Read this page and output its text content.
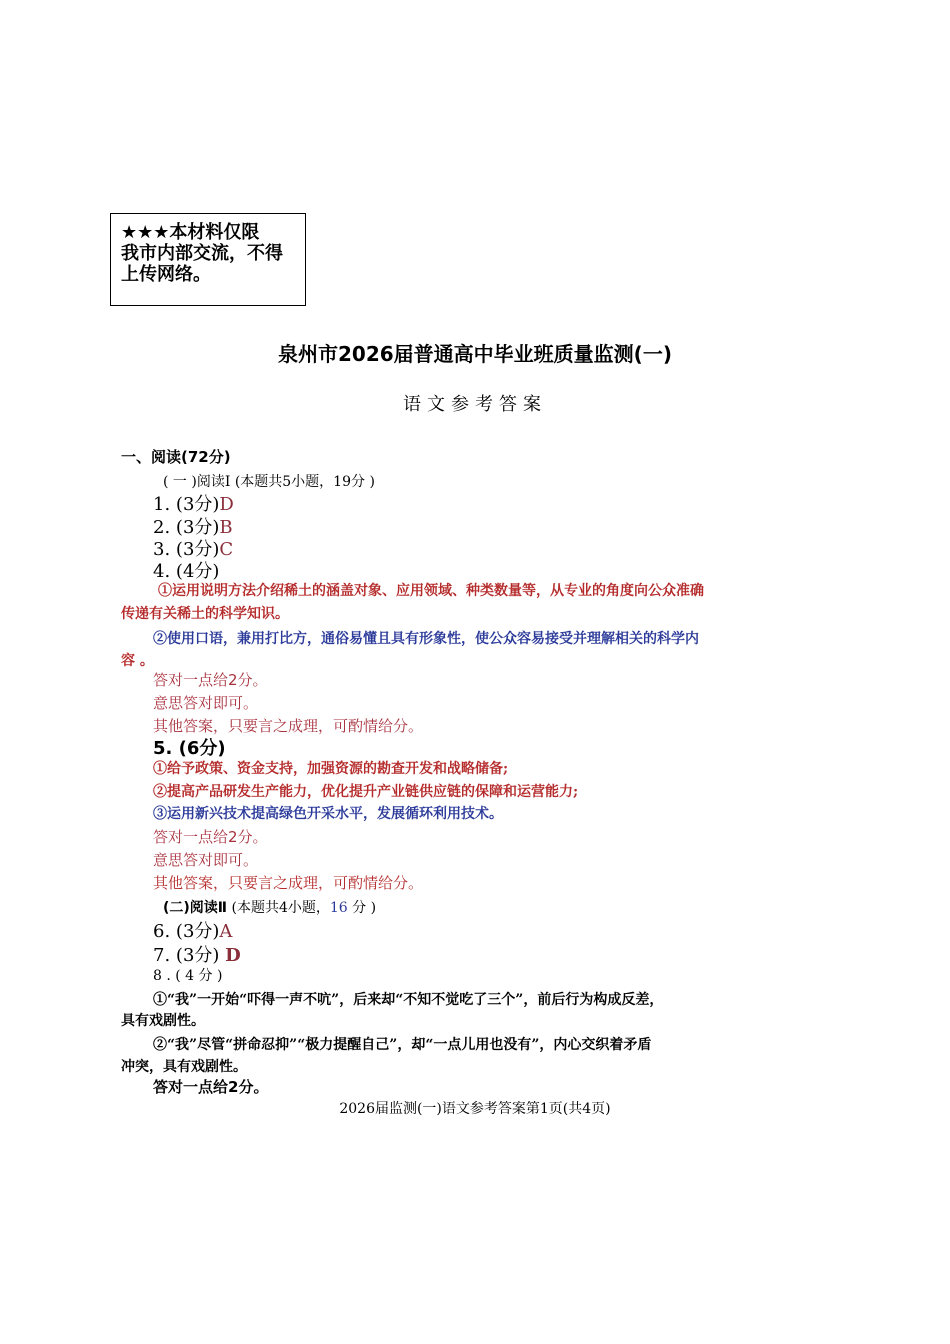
★★★本材料仅限
我市内部交流，不得
上传网络。
泉州市2026届普通高中毕业班质量监测(一)
语文参考答案
一、阅读(72分)
( 一 )阅读Ⅰ (本题共5小题，19分 )
1. (3分)D
2. (3分)B
3. (3分)C
4. (4分)
①运用说明方法介绍稀土的涵盖对象、应用领域、种类数量等，从专业的角度向公众准确
传递有关稀土的科学知识。
②使用口语，兼用打比方，通俗易懂且具有形象性，使公众容易接受并理解相关的科学内
容 。
答对一点给2分。
意思答对即可。
其他答案，只要言之成理，可酌情给分。
5. (6分)
①给予政策、资金支持，加强资源的勘查开发和战略储备;
②提高产品研发生产能力，优化提升产业链供应链的保障和运营能力;
③运用新兴技术提高绿色开采水平，发展循环利用技术。
答对一点给2分。
意思答对即可。
其他答案，只要言之成理，可酌情给分。
(二)阅读Ⅱ (本题共4小题，16 分 )
6. (3分)A
7. (3分) D
8 . ( 4 分 )
①“我”一开始“吓得一声不吭”，后来却“不知不觉吃了三个”，前后行为构成反差，
具有戏剧性。
②“我”尽管“拼命忍抑”“极力提醒自己”，却“一点儿用也没有”，内心交织着矛盾
冲突，具有戏剧性。
答对一点给2分。
2026届监测(一)语文参考答案第1页(共4页)
